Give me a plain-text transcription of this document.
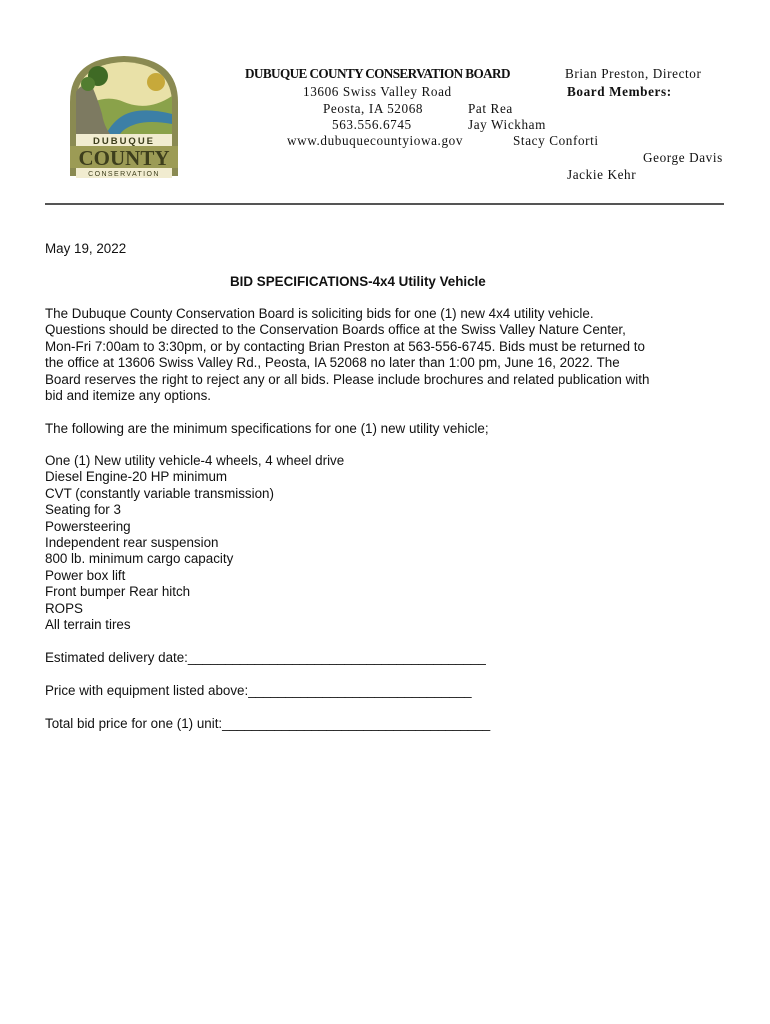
DUBUQUE
COUNTY
CONSERVATION
DUBUQUE COUNTY CONSERVATION BOARD
13606 Swiss Valley Road
Peosta, IA 52068
563.556.6745
www.dubuquecountyiowa.gov
Brian Preston, Director
Board Members:
Pat Rea
Jay Wickham
Stacy Conforti
George Davis
Jackie Kehr
May 19, 2022
BID SPECIFICATIONS-4x4 Utility Vehicle
The Dubuque County Conservation Board is soliciting bids for one (1) new 4x4 utility vehicle.
Questions should be directed to the Conservation Boards office at the Swiss Valley Nature Center,
Mon-Fri 7:00am to 3:30pm, or by contacting Brian Preston at 563-556-6745. Bids must be returned to
the office at 13606 Swiss Valley Rd., Peosta, IA 52068 no later than 1:00 pm, June 16, 2022. The
Board reserves the right to reject any or all bids. Please include brochures and related publication with
bid and itemize any options.
The following are the minimum specifications for one (1) new utility vehicle;
One (1) New utility vehicle-4 wheels, 4 wheel drive
Diesel Engine-20 HP minimum
CVT (constantly variable transmission)
Seating for 3
Powersteering
Independent rear suspension
800 lb. minimum cargo capacity
Power box lift
Front bumper Rear hitch
ROPS
All terrain tires
Estimated delivery date:________________________________________
Price with equipment listed above:______________________________
Total bid price for one (1) unit:____________________________________
